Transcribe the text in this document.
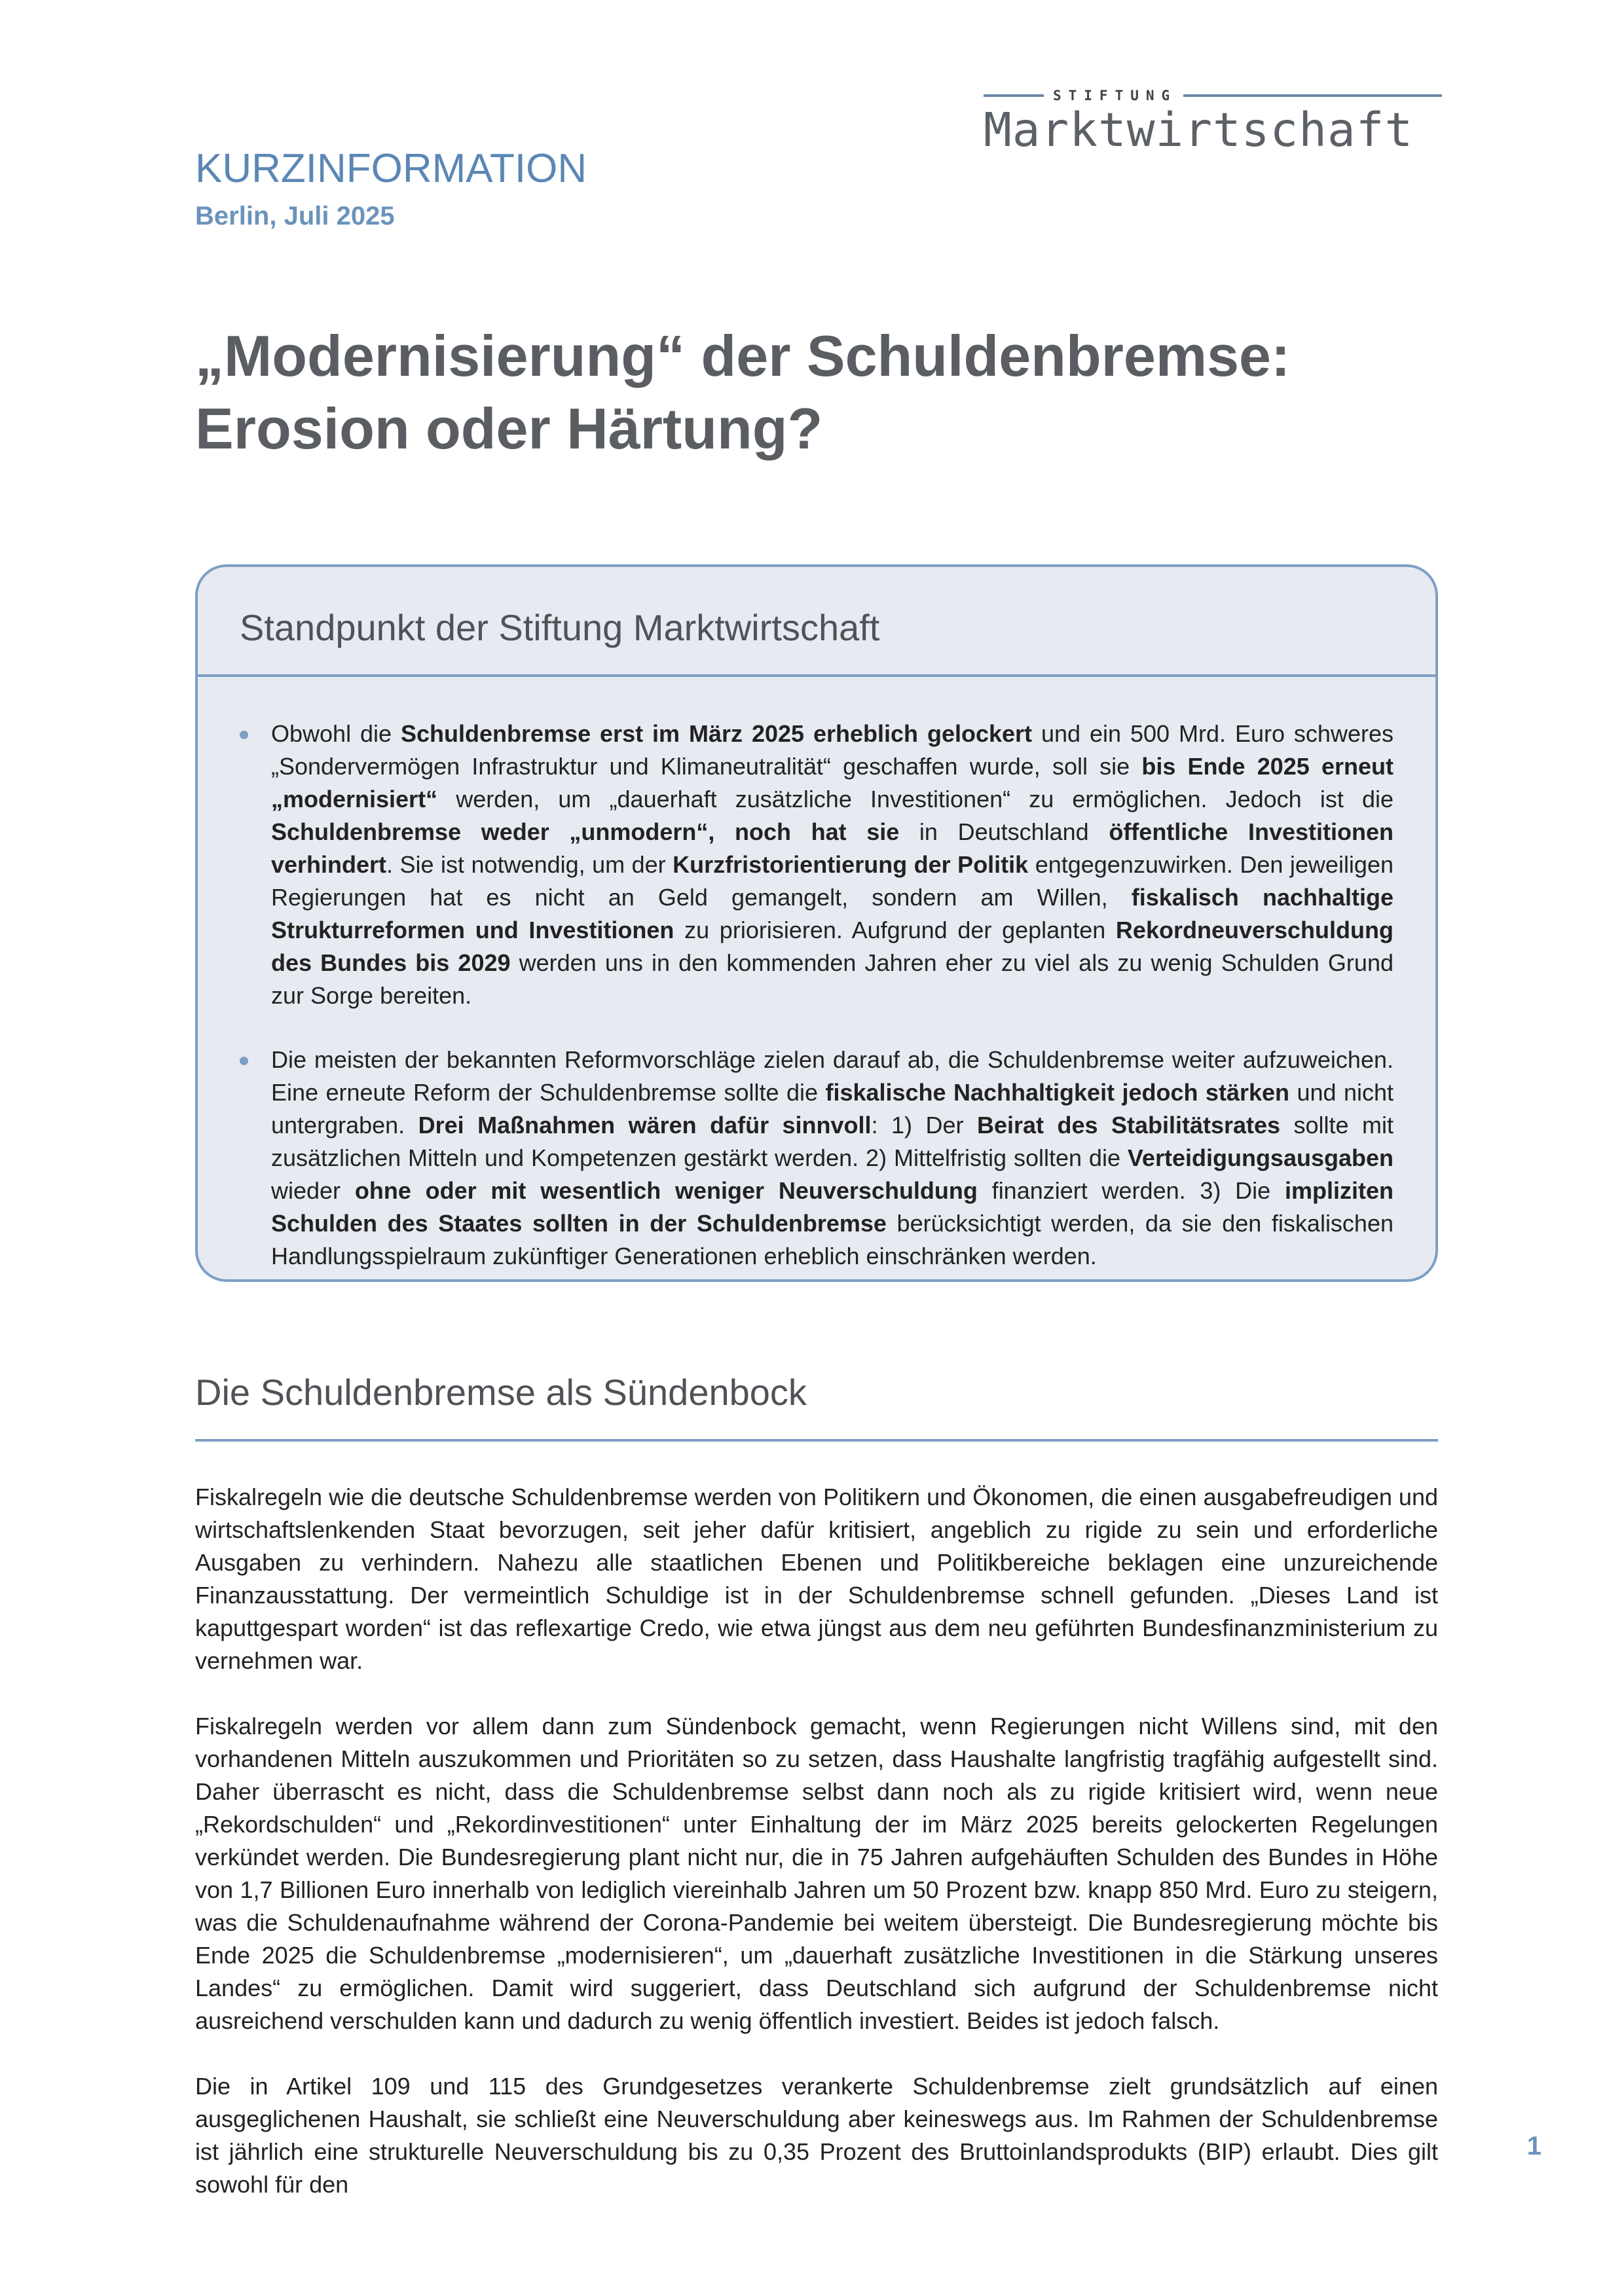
STIFTUNG
Marktwirtschaft
KURZINFORMATION
Berlin, Juli 2025
„Modernisierung“ der Schuldenbremse:
Erosion oder Härtung?
Standpunkt der Stiftung Marktwirtschaft
Obwohl die Schuldenbremse erst im März 2025 erheblich gelockert und ein 500 Mrd. Euro schweres „Sondervermögen Infrastruktur und Klimaneutralität“ geschaffen wurde, soll sie bis Ende 2025 erneut „modernisiert“ werden, um „dauerhaft zusätzliche Investitionen“ zu ermöglichen. Jedoch ist die Schuldenbremse weder „unmodern“, noch hat sie in Deutschland öffentliche Investitionen verhindert. Sie ist notwendig, um der Kurzfristorientierung der Politik entgegenzuwirken. Den jeweiligen Regierungen hat es nicht an Geld gemangelt, sondern am Willen, fiskalisch nachhaltige Strukturreformen und Investitionen zu priorisieren. Aufgrund der geplanten Rekordneuverschuldung des Bundes bis 2029 werden uns in den kommenden Jahren eher zu viel als zu wenig Schulden Grund zur Sorge bereiten.
Die meisten der bekannten Reformvorschläge zielen darauf ab, die Schuldenbremse weiter aufzuweichen. Eine erneute Reform der Schuldenbremse sollte die fiskalische Nachhaltigkeit jedoch stärken und nicht untergraben. Drei Maßnahmen wären dafür sinnvoll: 1) Der Beirat des Stabilitätsrates sollte mit zusätzlichen Mitteln und Kompetenzen gestärkt werden. 2) Mittelfristig sollten die Verteidigungsausgaben wieder ohne oder mit wesentlich weniger Neuverschuldung finanziert werden. 3) Die impliziten Schulden des Staates sollten in der Schuldenbremse berücksichtigt werden, da sie den fiskalischen Handlungsspielraum zukünftiger Generationen erheblich einschränken werden.
Die Schuldenbremse als Sündenbock

Fiskalregeln wie die deutsche Schuldenbremse werden von Politikern und Ökonomen, die einen ausgabefreudigen und wirtschaftslenkenden Staat bevorzugen, seit jeher dafür kritisiert, angeblich zu rigide zu sein und erforderliche Ausgaben zu verhindern. Nahezu alle staatlichen Ebenen und Politikbereiche beklagen eine unzureichende Finanzausstattung. Der vermeintlich Schuldige ist in der Schuldenbremse schnell gefunden. „Dieses Land ist kaputtgespart worden“ ist das reflexartige Credo, wie etwa jüngst aus dem neu geführten Bundesfinanzministerium zu vernehmen war.

Fiskalregeln werden vor allem dann zum Sündenbock gemacht, wenn Regierungen nicht Willens sind, mit den vorhandenen Mitteln auszukommen und Prioritäten so zu setzen, dass Haushalte langfristig tragfähig aufgestellt sind. Daher überrascht es nicht, dass die Schuldenbremse selbst dann noch als zu rigide kritisiert wird, wenn neue „Rekordschulden“ und „Rekordinvestitionen“ unter Einhaltung der im März 2025 bereits gelockerten Regelungen verkündet werden. Die Bundesregierung plant nicht nur, die in 75 Jahren aufgehäuften Schulden des Bundes in Höhe von 1,7 Billionen Euro innerhalb von lediglich viereinhalb Jahren um 50 Prozent bzw. knapp 850 Mrd. Euro zu steigern, was die Schuldenaufnahme während der Corona-Pandemie bei weitem übersteigt. Die Bundesregierung möchte bis Ende 2025 die Schuldenbremse „modernisieren“, um „dauerhaft zusätzliche Investitionen in die Stärkung unseres Landes“ zu ermöglichen. Damit wird suggeriert, dass Deutschland sich aufgrund der Schuldenbremse nicht ausreichend verschulden kann und dadurch zu wenig öffentlich investiert. Beides ist jedoch falsch.

Die in Artikel 109 und 115 des Grundgesetzes verankerte Schuldenbremse zielt grundsätzlich auf einen ausgeglichenen Haushalt, sie schließt eine Neuverschuldung aber keineswegs aus. Im Rahmen der Schuldenbremse ist jährlich eine strukturelle Neuverschuldung bis zu 0,35 Prozent des Bruttoinlandsprodukts (BIP) erlaubt. Dies gilt sowohl für den

1
